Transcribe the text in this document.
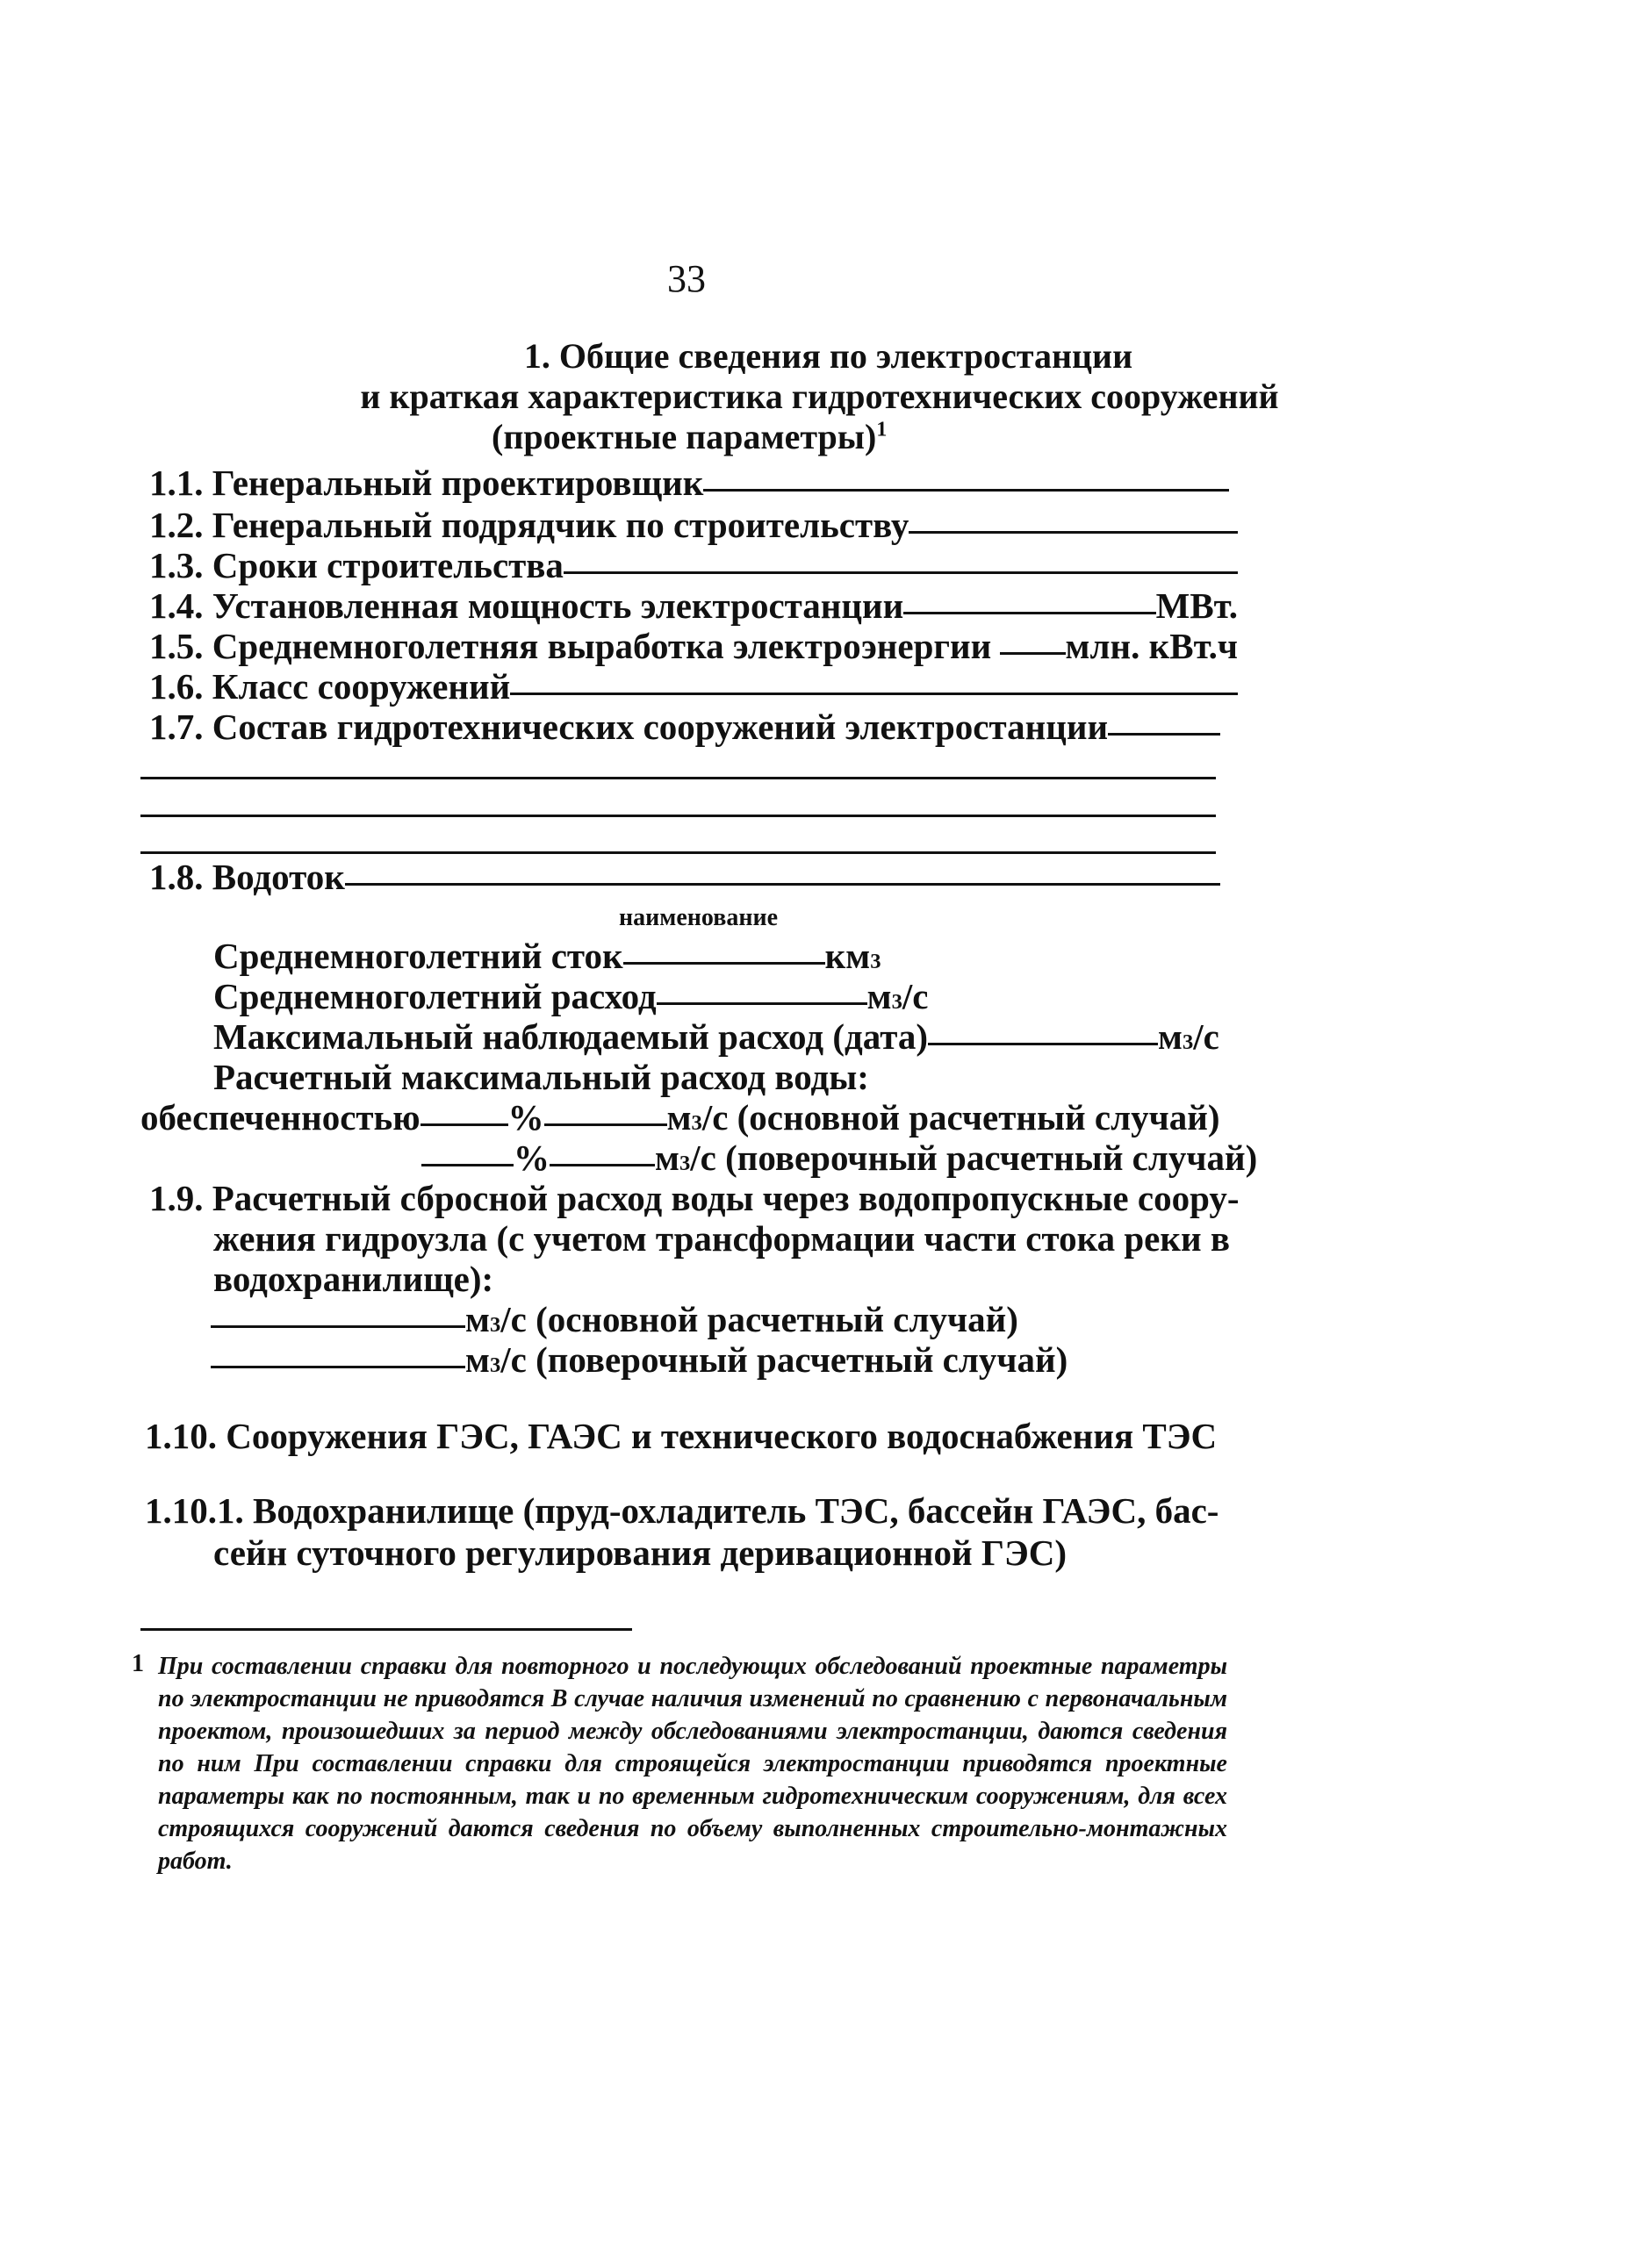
33
1. Общие сведения по электростанции
и краткая характеристика гидротехнических сооружений
(проектные параметры)$^1$
1.1. Генеральный проектировщик
1.2. Генеральный подрядчик по строительству
1.3. Сроки строительства
1.4. Установленная мощность электростанции	МВт.
1.5. Среднемноголетняя выработка электроэнергии млн. кВт.ч
1.6. Класс сооружений
1.7. Состав гидротехнических сооружений электростанции
1.8. Водоток
наименование
Среднемноголетний сток	км 3
Среднемноголетний расход	м 3 /с
Максимальный наблюдаемый расход (дата)	м 3 /с
Расчетный максимальный расход воды:
обеспеченностью %	м 3 /с (основной расчетный случай)
%	м 3 /с (поверочный расчетный случай)
1.9. Расчетный сбросной расход воды через водопропускные соору-
жения гидроузла (с учетом трансформации части стока реки в
водохранилище):
м 3 /с (основной расчетный случай)
м 3 /с (поверочный расчетный случай)
1.10. Сооружения ГЭС, ГАЭС и технического водоснабжения ТЭС
1.10.1. Водохранилище (пруд-охладитель ТЭС, бассейн ГАЭС, бас-
сейн суточного регулирования деривационной ГЭС)
1 При составлении справки для повторного и последующих обследований проектные параметры по электростанции не приводятся В случае наличия изменений по сравнению с первоначальным проектом, произошедших за период между обследованиями электростанции, даются сведения по ним При составлении справки для строящейся электростанции приводятся проектные параметры как по постоянным, так и по временным гидротехническим сооружениям, для всех строящихся сооружений даются сведения по объему выполненных строительно-монтажных работ.
